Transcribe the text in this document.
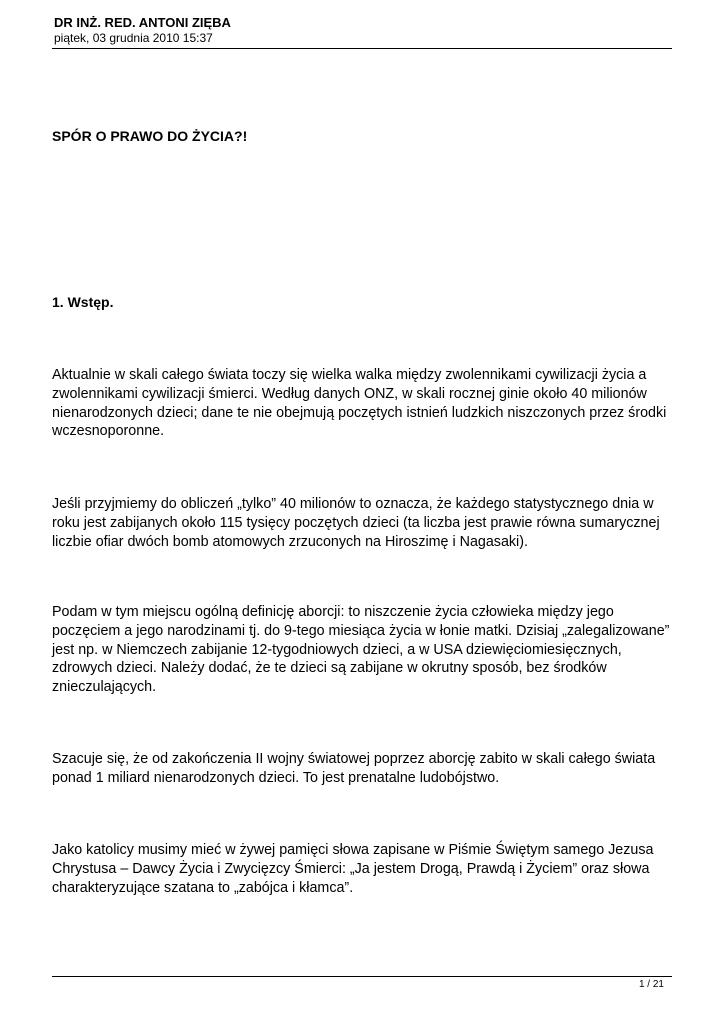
DR INŻ. RED. ANTONI ZIĘBA
piątek, 03 grudnia 2010 15:37
SPÓR O PRAWO DO ŻYCIA?!
1. Wstęp.

Aktualnie w skali całego świata toczy się wielka walka między zwolennikami cywilizacji życia a zwolennikami cywilizacji śmierci. Według danych ONZ, w skali rocznej ginie około 40 milionów nienarodzonych dzieci; dane te nie obejmują poczętych istnień ludzkich niszczonych przez środki wczesnoporonne.

Jeśli przyjmiemy do obliczeń „tylko” 40 milionów to oznacza, że każdego statystycznego dnia w roku jest zabijanych około 115 tysięcy poczętych dzieci (ta liczba jest prawie równa sumarycznej liczbie ofiar dwóch bomb atomowych zrzuconych na Hiroszimę i Nagasaki).

Podam w tym miejscu ogólną definicję aborcji: to niszczenie życia człowieka między jego poczęciem a jego narodzinami tj. do 9-tego miesiąca życia w łonie matki. Dzisiaj „zalegalizowane” jest np. w Niemczech zabijanie 12-tygodniowych dzieci, a w USA dziewięciomiesięcznych, zdrowych dzieci. Należy dodać, że te dzieci są zabijane w okrutny sposób, bez środków znieczulających.

Szacuje się, że od zakończenia II wojny światowej poprzez aborcję zabito w skali całego świata ponad 1 miliard nienarodzonych dzieci. To jest prenatalne ludobójstwo.

Jako katolicy musimy mieć w żywej pamięci słowa zapisane w Piśmie Świętym samego Jezusa Chrystusa – Dawcy Życia i Zwycięzcy Śmierci: „Ja jestem Drogą, Prawdą i Życiem” oraz słowa charakteryzujące szatana to „zabójca i kłamca”.

1 / 21
